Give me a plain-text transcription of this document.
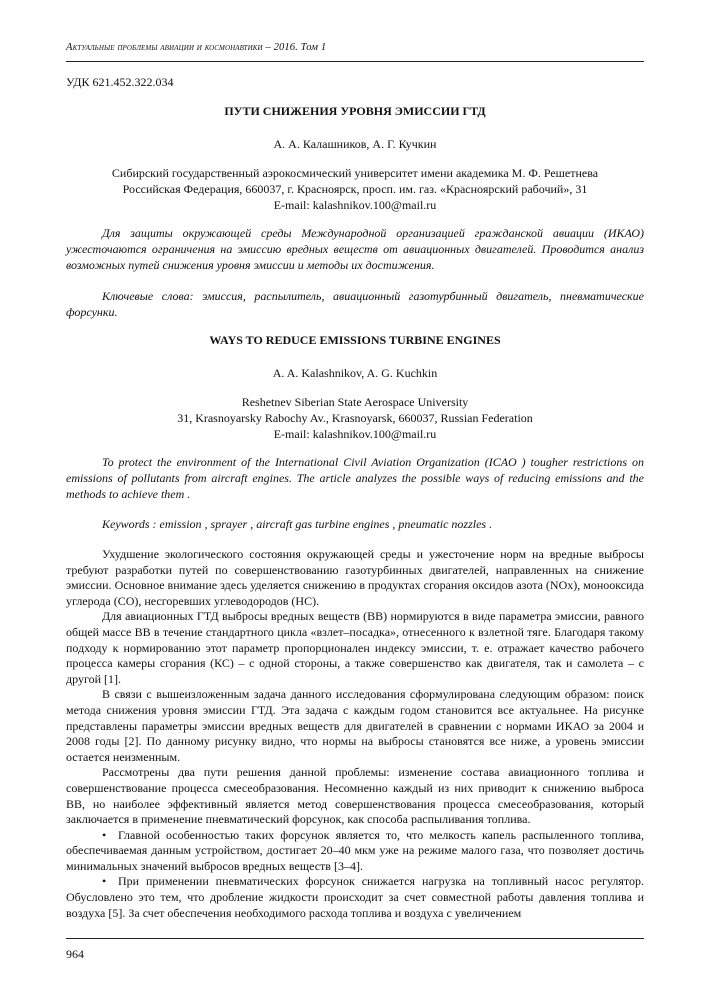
Актуальные проблемы авиации и космонавтики – 2016. Том 1
УДК 621.452.322.034
ПУТИ СНИЖЕНИЯ УРОВНЯ ЭМИССИИ ГТД
А. А. Калашников, А. Г. Кучкин
Сибирский государственный аэрокосмический университет имени академика М. Ф. Решетнева
Российская Федерация, 660037, г. Красноярск, просп. им. газ. «Красноярский рабочий», 31
E-mail: kalashnikov.100@mail.ru
Для защиты окружающей среды Международной организацией гражданской авиации (ИКАО) ужесточаются ограничения на эмиссию вредных веществ от авиационных двигателей. Проводится анализ возможных путей снижения уровня эмиссии и методы их достижения.
Ключевые слова: эмиссия, распылитель, авиационный газотурбинный двигатель, пневматические форсунки.
WAYS TO REDUCE EMISSIONS TURBINE ENGINES
A. A. Kalashnikov, A. G. Kuchkin
Reshetnev Siberian State Aerospace University
31, Krasnoyarsky Rabochy Av., Krasnoyarsk, 660037, Russian Federation
E-mail: kalashnikov.100@mail.ru
To protect the environment of the International Civil Aviation Organization (ICAO ) tougher restrictions on emissions of pollutants from aircraft engines. The article analyzes the possible ways of reducing emissions and the methods to achieve them .
Keywords : emission , sprayer , aircraft gas turbine engines , pneumatic nozzles .

Ухудшение экологического состояния окружающей среды и ужесточение норм на вредные выбросы требуют разработки путей по совершенствованию газотурбинных двигателей, направленных на снижение эмиссии. Основное внимание здесь уделяется снижению в продуктах сгорания оксидов азота (NOx), монооксида углерода (CO), несгоревших углеводородов (HC).

Для авиационных ГТД выбросы вредных веществ (ВВ) нормируются в виде параметра эмиссии, равного общей массе ВВ в течение стандартного цикла «взлет–посадка», отнесенного к взлетной тяге. Благодаря такому подходу к нормированию этот параметр пропорционален индексу эмиссии, т. е. отражает качество рабочего процесса камеры сгорания (КС) – с одной стороны, а также совершенство как двигателя, так и самолета – с другой [1].

В связи с вышеизложенным задача данного исследования сформулирована следующим образом: поиск метода снижения уровня эмиссии ГТД. Эта задача с каждым годом становится все актуальнее. На рисунке представлены параметры эмиссии вредных веществ для двигателей в сравнении с нормами ИКАО за 2004 и 2008 годы [2]. По данному рисунку видно, что нормы на выбросы становятся все ниже, а уровень эмиссии остается неизменным.

Рассмотрены два пути решения данной проблемы: изменение состава авиационного топлива и совершенствование процесса смесеобразования. Несомненно каждый из них приводит к снижению выброса ВВ, но наиболее эффективный является метод совершенствования процесса смесеобразования, который заключается в применение пневматический форсунок, как способа распыливания топлива.

• Главной особенностью таких форсунок является то, что мелкость капель распыленного топлива, обеспечиваемая данным устройством, достигает 20–40 мкм уже на режиме малого газа, что позволяет достичь минимальных значений выбросов вредных веществ [3–4].

• При применении пневматических форсунок снижается нагрузка на топливный насос регулятор. Обусловлено это тем, что дробление жидкости происходит за счет совместной работы давления топлива и воздуха [5]. За счет обеспечения необходимого расхода топлива и воздуха с увеличением

964
